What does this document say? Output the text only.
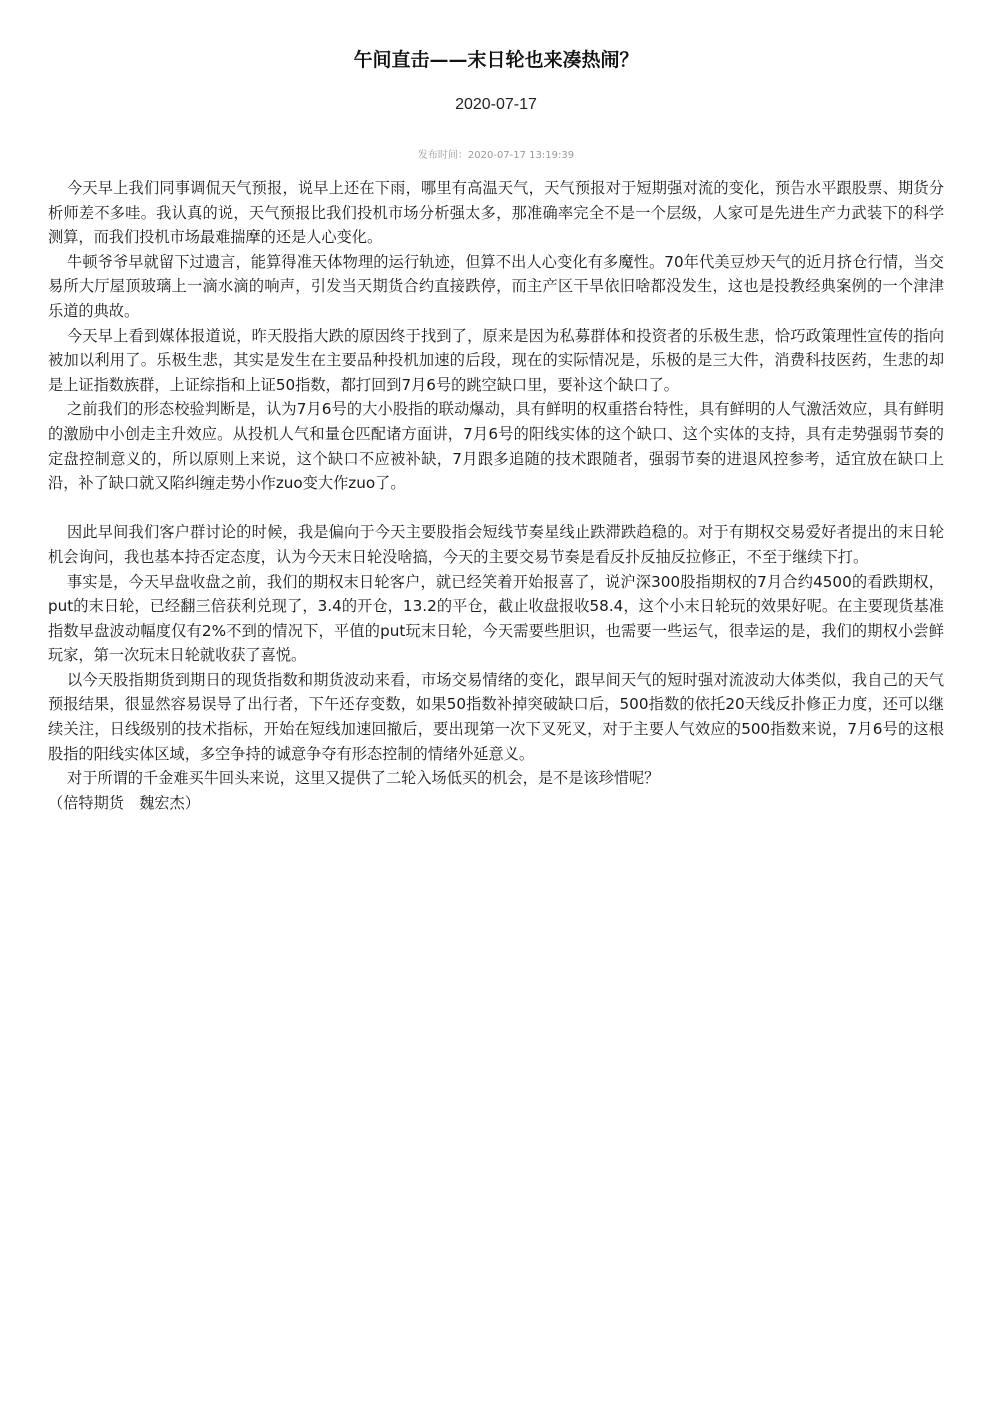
午间直击——末日轮也来凑热闹？
2020-07-17
发布时间：2020-07-17 13:19:39

今天早上我们同事调侃天气预报，说早上还在下雨，哪里有高温天气，天气预报对于短期强对流的变化，预告水平跟股票、期货分析师差不多哇。我认真的说，天气预报比我们投机市场分析强太多，那准确率完全不是一个层级，人家可是先进生产力武装下的科学测算，而我们投机市场最难揣摩的还是人心变化。

牛顿爷爷早就留下过遗言，能算得准天体物理的运行轨迹，但算不出人心变化有多魔性。70年代美豆炒天气的近月挤仓行情，当交易所大厅屋顶玻璃上一滴水滴的响声，引发当天期货合约直接跌停，而主产区干旱依旧啥都没发生，这也是投教经典案例的一个津津乐道的典故。

今天早上看到媒体报道说，昨天股指大跌的原因终于找到了，原来是因为私募群体和投资者的乐极生悲，恰巧政策理性宣传的指向被加以利用了。乐极生悲，其实是发生在主要品种投机加速的后段，现在的实际情况是，乐极的是三大件，消费科技医药，生悲的却是上证指数族群，上证综指和上证50指数，都打回到7月6号的跳空缺口里，要补这个缺口了。

之前我们的形态校验判断是，认为7月6号的大小股指的联动爆动，具有鲜明的权重搭台特性，具有鲜明的人气激活效应，具有鲜明的激励中小创走主升效应。从投机人气和量仓匹配诸方面讲，7月6号的阳线实体的这个缺口、这个实体的支持，具有走势强弱节奏的定盘控制意义的，所以原则上来说，这个缺口不应被补缺，7月跟多追随的技术跟随者，强弱节奏的进退风控参考，适宜放在缺口上沿，补了缺口就又陷纠缠走势小作zuo变大作zuo了。

因此早间我们客户群讨论的时候，我是偏向于今天主要股指会短线节奏星线止跌滞跌趋稳的。对于有期权交易爱好者提出的末日轮机会询问，我也基本持否定态度，认为今天末日轮没啥搞，今天的主要交易节奏是看反扑反抽反拉修正，不至于继续下打。

事实是，今天早盘收盘之前，我们的期权末日轮客户，就已经笑着开始报喜了，说沪深300股指期权的7月合约4500的看跌期权，put的末日轮，已经翻三倍获利兑现了，3.4的开仓，13.2的平仓，截止收盘报收58.4，这个小末日轮玩的效果好呢。在主要现货基准指数早盘波动幅度仅有2%不到的情况下，平值的put玩末日轮，今天需要些胆识，也需要一些运气，很幸运的是，我们的期权小尝鲜玩家，第一次玩末日轮就收获了喜悦。

以今天股指期货到期日的现货指数和期货波动来看，市场交易情绪的变化，跟早间天气的短时强对流波动大体类似，我自己的天气预报结果，很显然容易误导了出行者，下午还存变数，如果50指数补掉突破缺口后，500指数的依托20天线反扑修正力度，还可以继续关注，日线级别的技术指标，开始在短线加速回撤后，要出现第一次下叉死叉，对于主要人气效应的500指数来说，7月6号的这根股指的阳线实体区域，多空争持的诚意争夺有形态控制的情绪外延意义。

对于所谓的千金难买牛回头来说，这里又提供了二轮入场低买的机会，是不是该珍惜呢？

（倍特期货　魏宏杰）
